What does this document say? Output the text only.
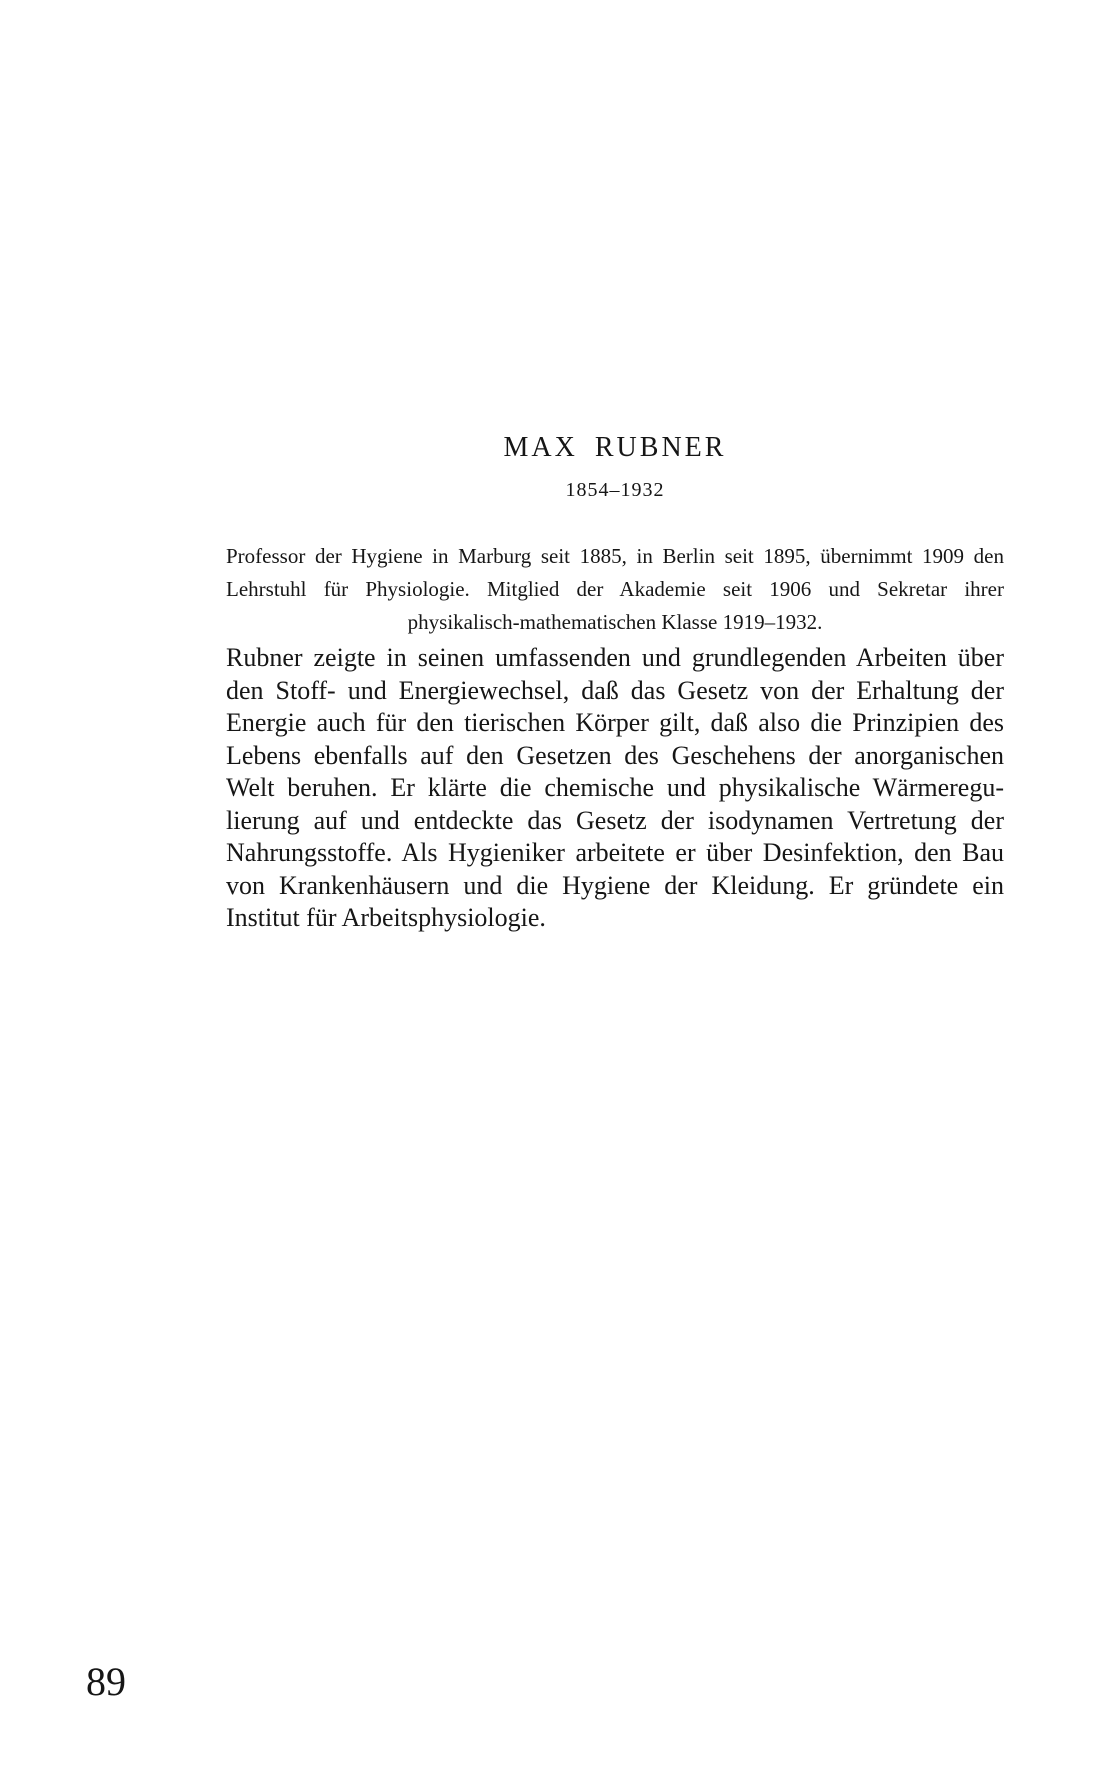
MAX RUBNER
1854–1932
Professor der Hygiene in Marburg seit 1885, in Berlin seit 1895, übernimmt 1909 den
Lehrstuhl für Physiologie. Mitglied der Akademie seit 1906 und Sekretar ihrer
physikalisch-mathematischen Klasse 1919–1932.
Rubner zeigte in seinen umfassenden und grundlegenden Arbeiten über
den Stoff- und Energiewechsel, daß das Gesetz von der Erhaltung der
Energie auch für den tierischen Körper gilt, daß also die Prinzipien des
Lebens ebenfalls auf den Gesetzen des Geschehens der anorganischen
Welt beruhen. Er klärte die chemische und physikalische Wärmeregu-
lierung auf und entdeckte das Gesetz der isodynamen Vertretung der
Nahrungsstoffe. Als Hygieniker arbeitete er über Desinfektion, den Bau
von Krankenhäusern und die Hygiene der Kleidung. Er gründete ein
Institut für Arbeitsphysiologie.
89
